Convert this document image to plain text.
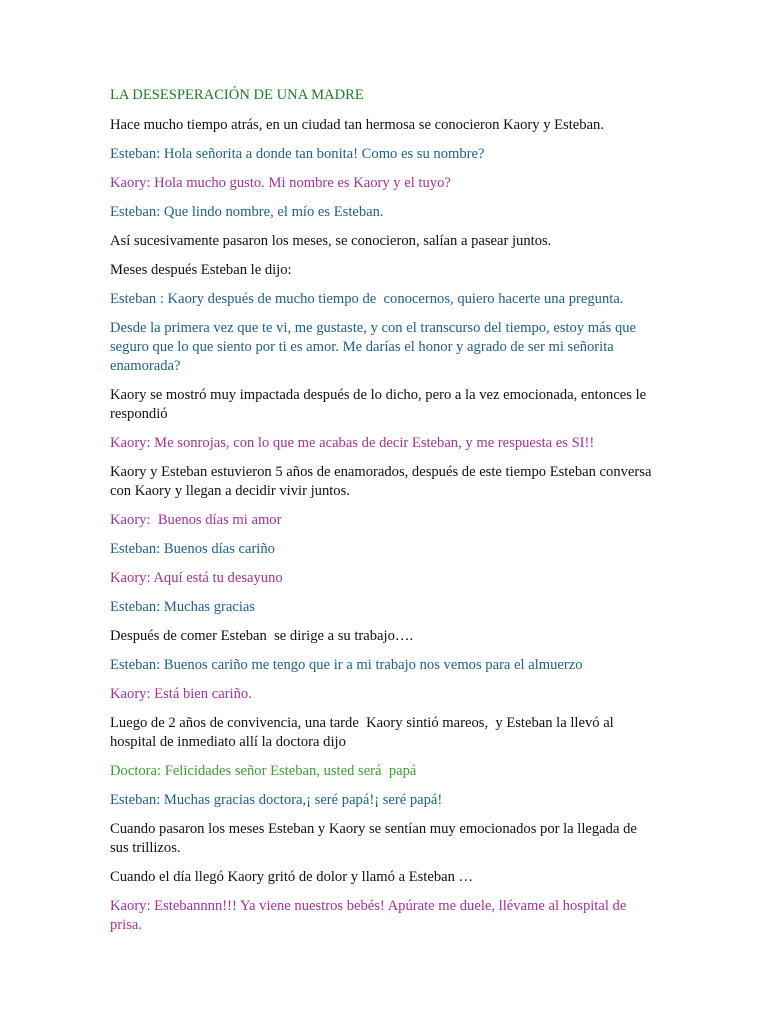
LA DESESPERACIÓN DE UNA MADRE

Hace mucho tiempo atrás, en un ciudad tan hermosa se conocieron Kaory y Esteban.

Esteban: Hola señorita a donde tan bonita! Como es su nombre?

Kaory: Hola mucho gusto. Mi nombre es Kaory y el tuyo?

Esteban: Que lindo nombre, el mío es Esteban.

Así sucesivamente pasaron los meses, se conocieron, salían a pasear juntos.

Meses después Esteban le dijo:

Esteban : Kaory después de mucho tiempo de  conocernos, quiero hacerte una pregunta.

Desde la primera vez que te vi, me gustaste, y con el transcurso del tiempo, estoy más que seguro que lo que siento por ti es amor. Me darías el honor y agrado de ser mi señorita enamorada?

Kaory se mostró muy impactada después de lo dicho, pero a la vez emocionada, entonces le respondió

Kaory: Me sonrojas, con lo que me acabas de decir Esteban, y me respuesta es SI!!

Kaory y Esteban estuvieron 5 años de enamorados, después de este tiempo Esteban conversa con Kaory y llegan a decidir vivir juntos.

Kaory:  Buenos días mi amor

Esteban: Buenos días cariño

Kaory: Aquí está tu desayuno

Esteban: Muchas gracias

Después de comer Esteban  se dirige a su trabajo….

Esteban: Buenos cariño me tengo que ir a mi trabajo nos vemos para el almuerzo

Kaory: Está bien cariño.

Luego de 2 años de convivencia, una tarde  Kaory sintió mareos,  y Esteban la llevó al hospital de inmediato allí la doctora dijo

Doctora: Felicidades señor Esteban, usted será  papá

Esteban: Muchas gracias doctora,¡ seré papá!¡ seré papá!

Cuando pasaron los meses Esteban y Kaory se sentían muy emocionados por la llegada de sus trillizos.

Cuando el día llegó Kaory gritó de dolor y llamó a Esteban …

Kaory: Estebannnn!!! Ya viene nuestros bebés! Apúrate me duele, llévame al hospital de prisa.
